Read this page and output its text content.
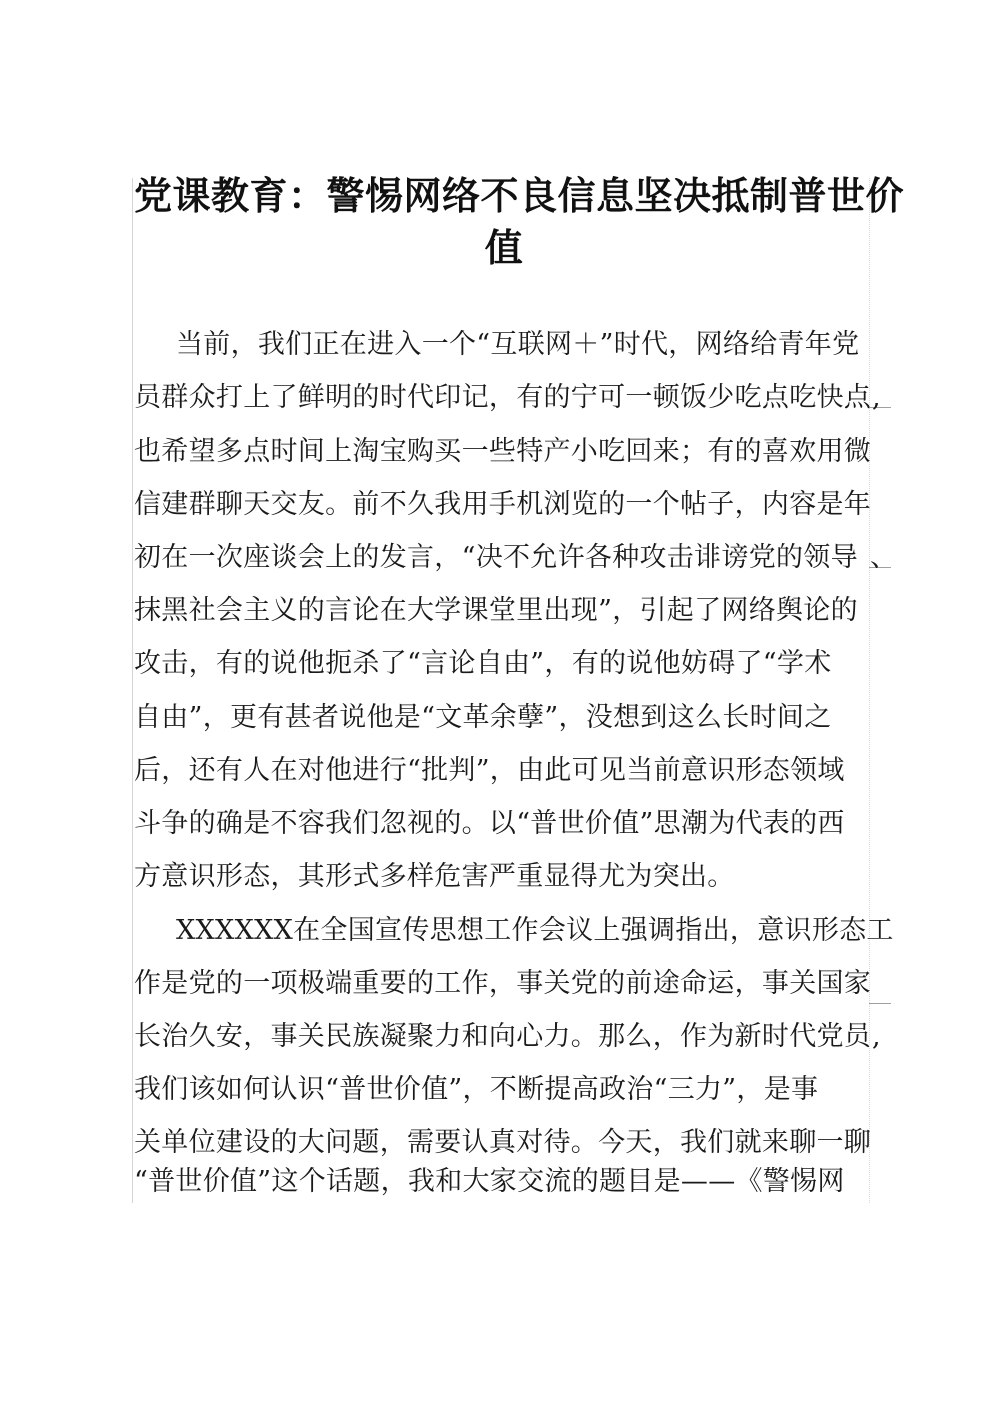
党课教育：警惕网络不良信息坚决抵制普世价
值
当前，我们正在进入一个“互联网＋”时代，网络给青年党
员群众打上了鲜明的时代印记，有的宁可一顿饭少吃点吃快点
也希望多点时间上淘宝购买一些特产小吃回来；有的喜欢用微
信建群聊天交友。前不久我用手机浏览的一个帖子，内容是年
初在一次座谈会上的发言，“决不允许各种攻击诽谤党的领导
抹黑社会主义的言论在大学课堂里出现”，引起了网络舆论的
攻击，有的说他扼杀了“言论自由”，有的说他妨碍了“学术
自由”，更有甚者说他是“文革余孽”，没想到这么长时间之
后，还有人在对他进行“批判”，由此可见当前意识形态领域
斗争的确是不容我们忽视的。以“普世价值”思潮为代表的西
方意识形态，其形式多样危害严重显得尤为突出。
XXXXXX在全国宣传思想工作会议上强调指出，意识形态工
作是党的一项极端重要的工作，事关党的前途命运，事关国家
长治久安，事关民族凝聚力和向心力。那么，作为新时代党员
我们该如何认识“普世价值”，不断提高政治“三力”，是事
关单位建设的大问题，需要认真对待。今天，我们就来聊一聊
“普世价值”这个话题，我和大家交流的题目是——《警惕网
,
、
,
